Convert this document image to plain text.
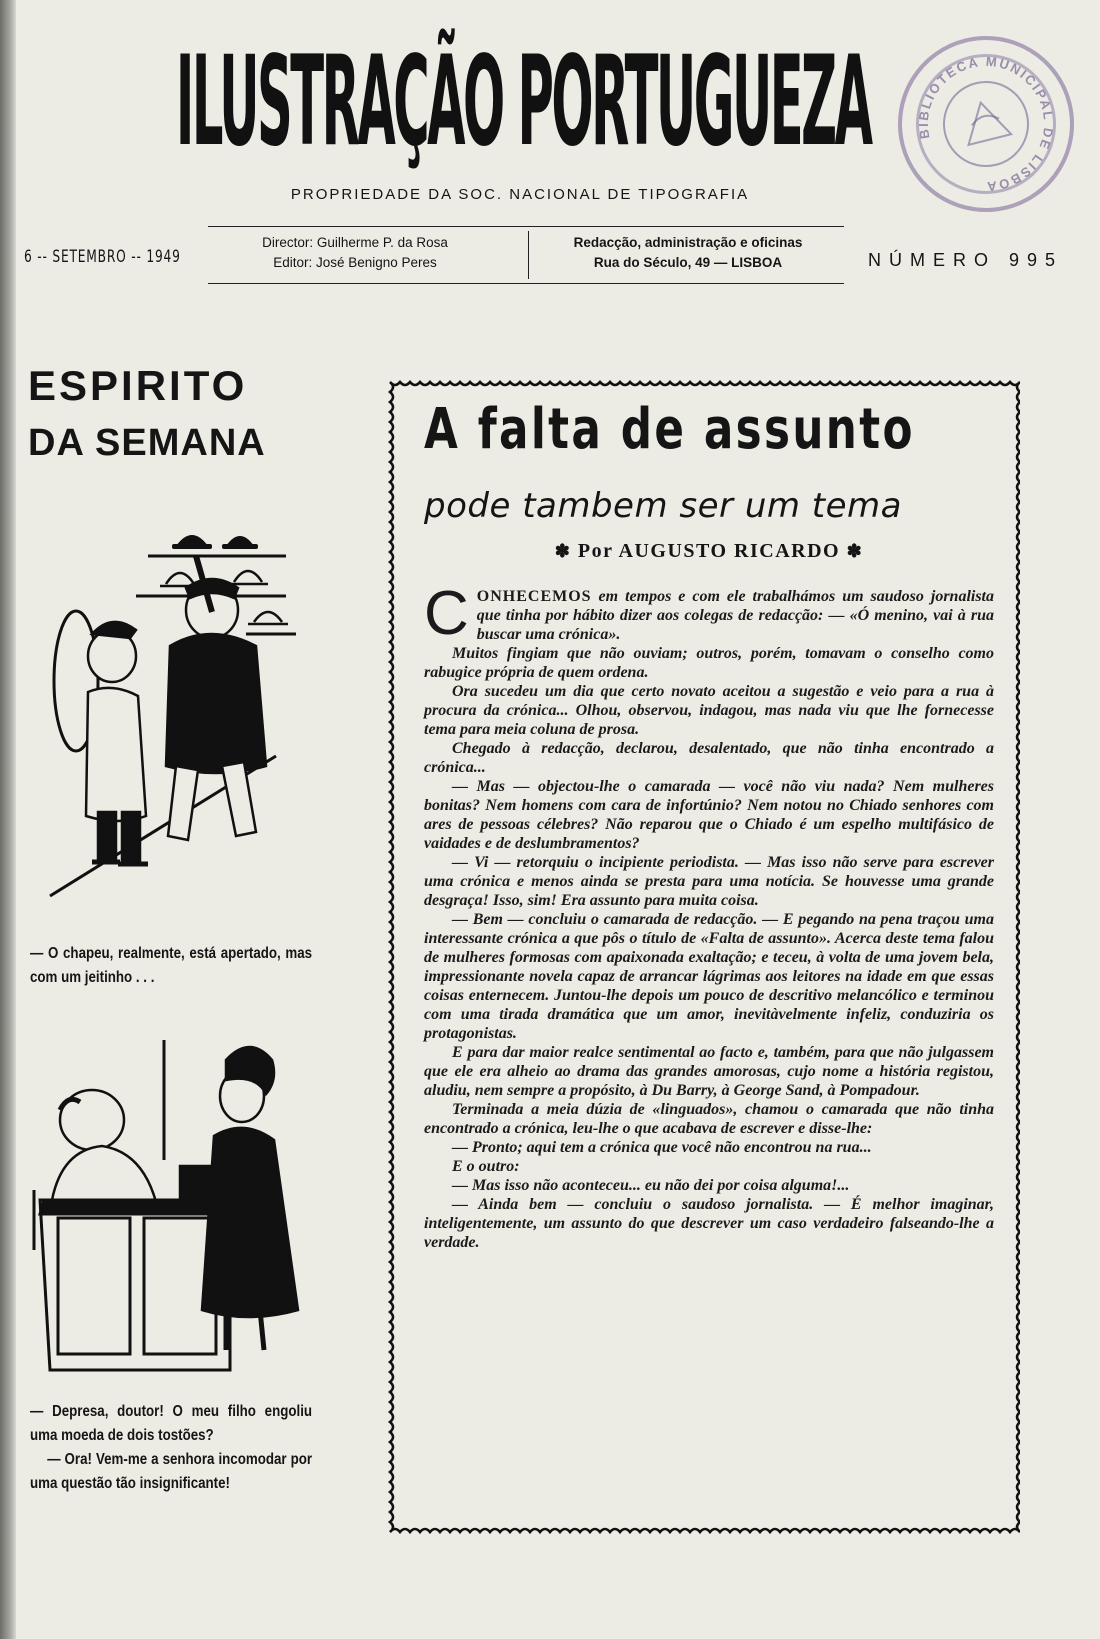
ILUSTRAÇÃO PORTUGUEZA	BIBLIOTECA MUNICIPAL DE LISBOA
PROPRIEDADE DA SOC. NACIONAL DE TIPOGRAFIA
6 -- SETEMBRO -- 1949
Director: Guilherme P. da Rosa
Editor: José Benigno Peres
Redacção, administração e oficinas
Rua do Século, 49 — LISBOA	NÚMERO 995
ESPIRITO
DA SEMANA
— O chapeu, realmente, está apertado, mas com um jeitinho . . .

— Depresa, doutor! O meu filho engoliu uma moeda de dois tostões?

— Ora! Vem-me a senhora incomodar por uma questão tão insignificante!

A falta de assunto
pode tambem ser um tema
✽ Por AUGUSTO RICARDO ✽

CONHECEMOS em tempos e com ele trabalhámos um saudoso jornalista que tinha por hábito dizer aos colegas de redacção: — «Ó menino, vai à rua buscar uma crónica».

Muitos fingiam que não ouviam; outros, porém, tomavam o conselho como rabugice própria de quem ordena.

Ora sucedeu um dia que certo novato aceitou a sugestão e veio para a rua à procura da crónica... Olhou, observou, indagou, mas nada viu que lhe fornecesse tema para meia coluna de prosa.

Chegado à redacção, declarou, desalentado, que não tinha encontrado a crónica...

— Mas — objectou-lhe o camarada — você não viu nada? Nem mulheres bonitas? Nem homens com cara de infortúnio? Nem notou no Chiado senhores com ares de pessoas célebres? Não reparou que o Chiado é um espelho multifásico de vaidades e de deslumbramentos?

— Vi — retorquiu o incipiente periodista. — Mas isso não serve para escrever uma crónica e menos ainda se presta para uma notícia. Se houvesse uma grande desgraça! Isso, sim! Era assunto para muita coisa.

— Bem — concluiu o camarada de redacção. — E pegando na pena traçou uma interessante crónica a que pôs o título de «Falta de assunto». Acerca deste tema falou de mulheres formosas com apaixonada exaltação; e teceu, à volta de uma jovem bela, impressionante novela capaz de arrancar lágrimas aos leitores na idade em que essas coisas enternecem. Juntou-lhe depois um pouco de descritivo melancólico e terminou com uma tirada dramática que um amor, inevitàvelmente infeliz, conduziria os protagonistas.

E para dar maior realce sentimental ao facto e, também, para que não julgassem que ele era alheio ao drama das grandes amorosas, cujo nome a história registou, aludiu, nem sempre a propósito, à Du Barry, à George Sand, à Pompadour.

Terminada a meia dúzia de «linguados», chamou o camarada que não tinha encontrado a crónica, leu-lhe o que acabava de escrever e disse-lhe:

— Pronto; aqui tem a crónica que você não encontrou na rua...

E o outro:

— Mas isso não aconteceu... eu não dei por coisa alguma!...

— Ainda bem — concluiu o saudoso jornalista. — É melhor imaginar, inteligentemente, um assunto do que descrever um caso verdadeiro falseando-lhe a verdade.
